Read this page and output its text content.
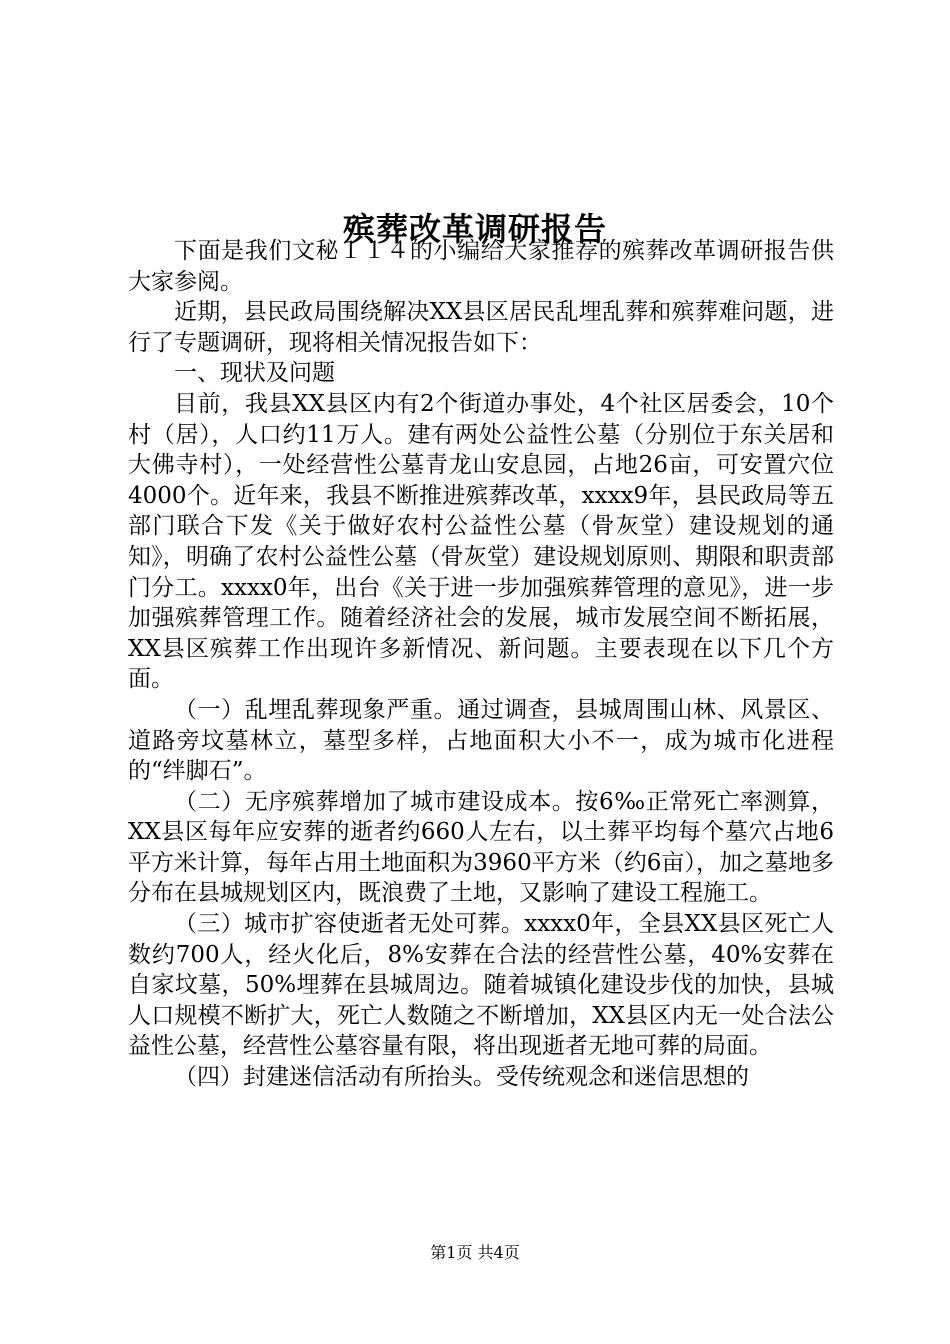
殡葬改革调研报告

下面是我们文秘１１４的小编给大家推荐的殡葬改革调研报告供大家参阅。

近期，县民政局围绕解决XX县区居民乱埋乱葬和殡葬难问题，进行了专题调研，现将相关情况报告如下：

一、现状及问题

目前，我县XX县区内有2个街道办事处，4个社区居委会，10个村（居），人口约11万人。建有两处公益性公墓（分别位于东关居和大佛寺村），一处经营性公墓青龙山安息园，占地26亩，可安置穴位4000个。近年来，我县不断推进殡葬改革，xxxx9年，县民政局等五部门联合下发《关于做好农村公益性公墓（骨灰堂）建设规划的通知》，明确了农村公益性公墓（骨灰堂）建设规划原则、期限和职责部门分工。xxxx0年，出台《关于进一步加强殡葬管理的意见》，进一步加强殡葬管理工作。随着经济社会的发展，城市发展空间不断拓展，XX县区殡葬工作出现许多新情况、新问题。主要表现在以下几个方面。

（一）乱埋乱葬现象严重。通过调查，县城周围山林、风景区、道路旁坟墓林立，墓型多样，占地面积大小不一，成为城市化进程的“绊脚石”。

（二）无序殡葬增加了城市建设成本。按6‰正常死亡率测算，XX县区每年应安葬的逝者约660人左右，以土葬平均每个墓穴占地6平方米计算，每年占用土地面积为3960平方米（约6亩），加之墓地多分布在县城规划区内，既浪费了土地，又影响了建设工程施工。

（三）城市扩容使逝者无处可葬。xxxx0年，全县XX县区死亡人数约700人，经火化后，8%安葬在合法的经营性公墓，40%安葬在自家坟墓，50%埋葬在县城周边。随着城镇化建设步伐的加快，县城人口规模不断扩大，死亡人数随之不断增加，XX县区内无一处合法公益性公墓，经营性公墓容量有限，将出现逝者无地可葬的局面。

（四）封建迷信活动有所抬头。受传统观念和迷信思想的

第1页 共4页
